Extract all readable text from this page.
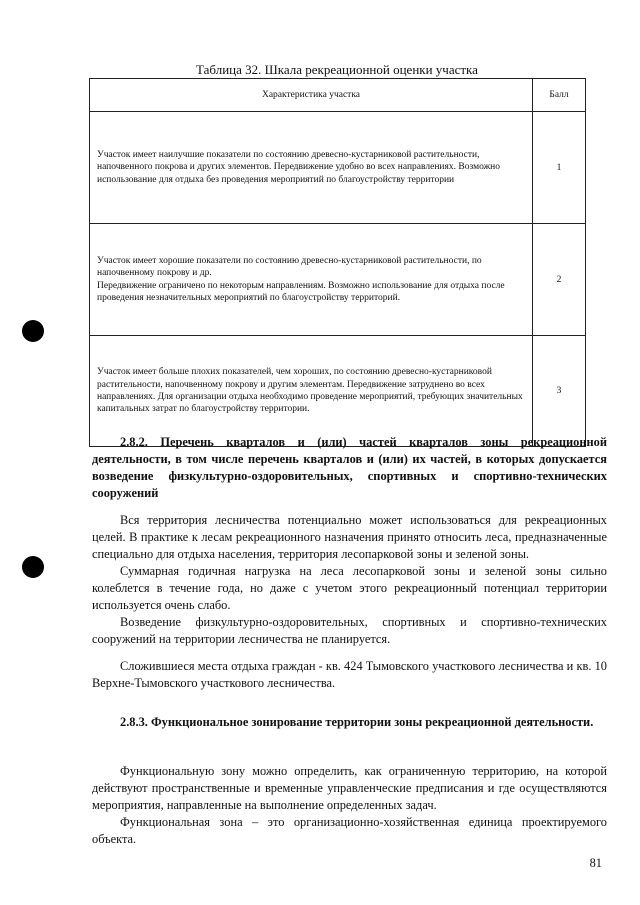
Таблица 32. Шкала рекреационной оценки участка
Характеристика участка	Балл
Участок имеет наилучшие показатели по состоянию древесно-кустарниковой растительности, напочвенного покрова и других элементов. Передвижение удобно во всех направлениях. Возможно использование для отдыха без проведения мероприятий по благоустройству территории	1

Участок имеет хорошие показатели по состоянию древесно-кустарниковой растительности, по напочвенному покрову и др.
Передвижение ограничено по некоторым направлениям. Возможно использование для отдыха после проведения незначительных мероприятий по благоустройству территорий.	2
Участок имеет больше плохих показателей, чем хороших, по состоянию древесно-кустарниковой растительности, напочвенному покрову и другим элементам. Передвижение затруднено во всех направлениях. Для организации отдыха необходимо проведение мероприятий, требующих значительных капитальных затрат по благоустройству территории.	3

2.8.2. Перечень кварталов и (или) частей кварталов зоны рекреационной деятельности, в том числе перечень кварталов и (или) их частей, в которых допускается возведение физкультурно-оздоровительных, спортивных и спортивно-технических сооружений

Вся территория лесничества потенциально может использоваться для рекреационных целей. В практике к лесам рекреационного назначения принято относить леса, предназначенные специально для отдыха населения, территория лесопарковой зоны и зеленой зоны.

Суммарная годичная нагрузка на леса лесопарковой зоны и зеленой зоны сильно колеблется в течение года, но даже с учетом этого рекреационный потенциал территории используется очень слабо.

Возведение физкультурно-оздоровительных, спортивных и спортивно-технических сооружений на территории лесничества не планируется.

Сложившиеся места отдыха граждан - кв. 424 Тымовского участкового лесничества и кв. 10 Верхне-Тымовского участкового лесничества.

2.8.3. Функциональное зонирование территории зоны рекреационной деятельности.

Функциональную зону можно определить, как ограниченную территорию, на которой действуют пространственные и временные управленческие предписания и где осуществляются мероприятия, направленные на выполнение определенных задач.

Функциональная зона – это организационно-хозяйственная единица проектируемого объекта.

81
